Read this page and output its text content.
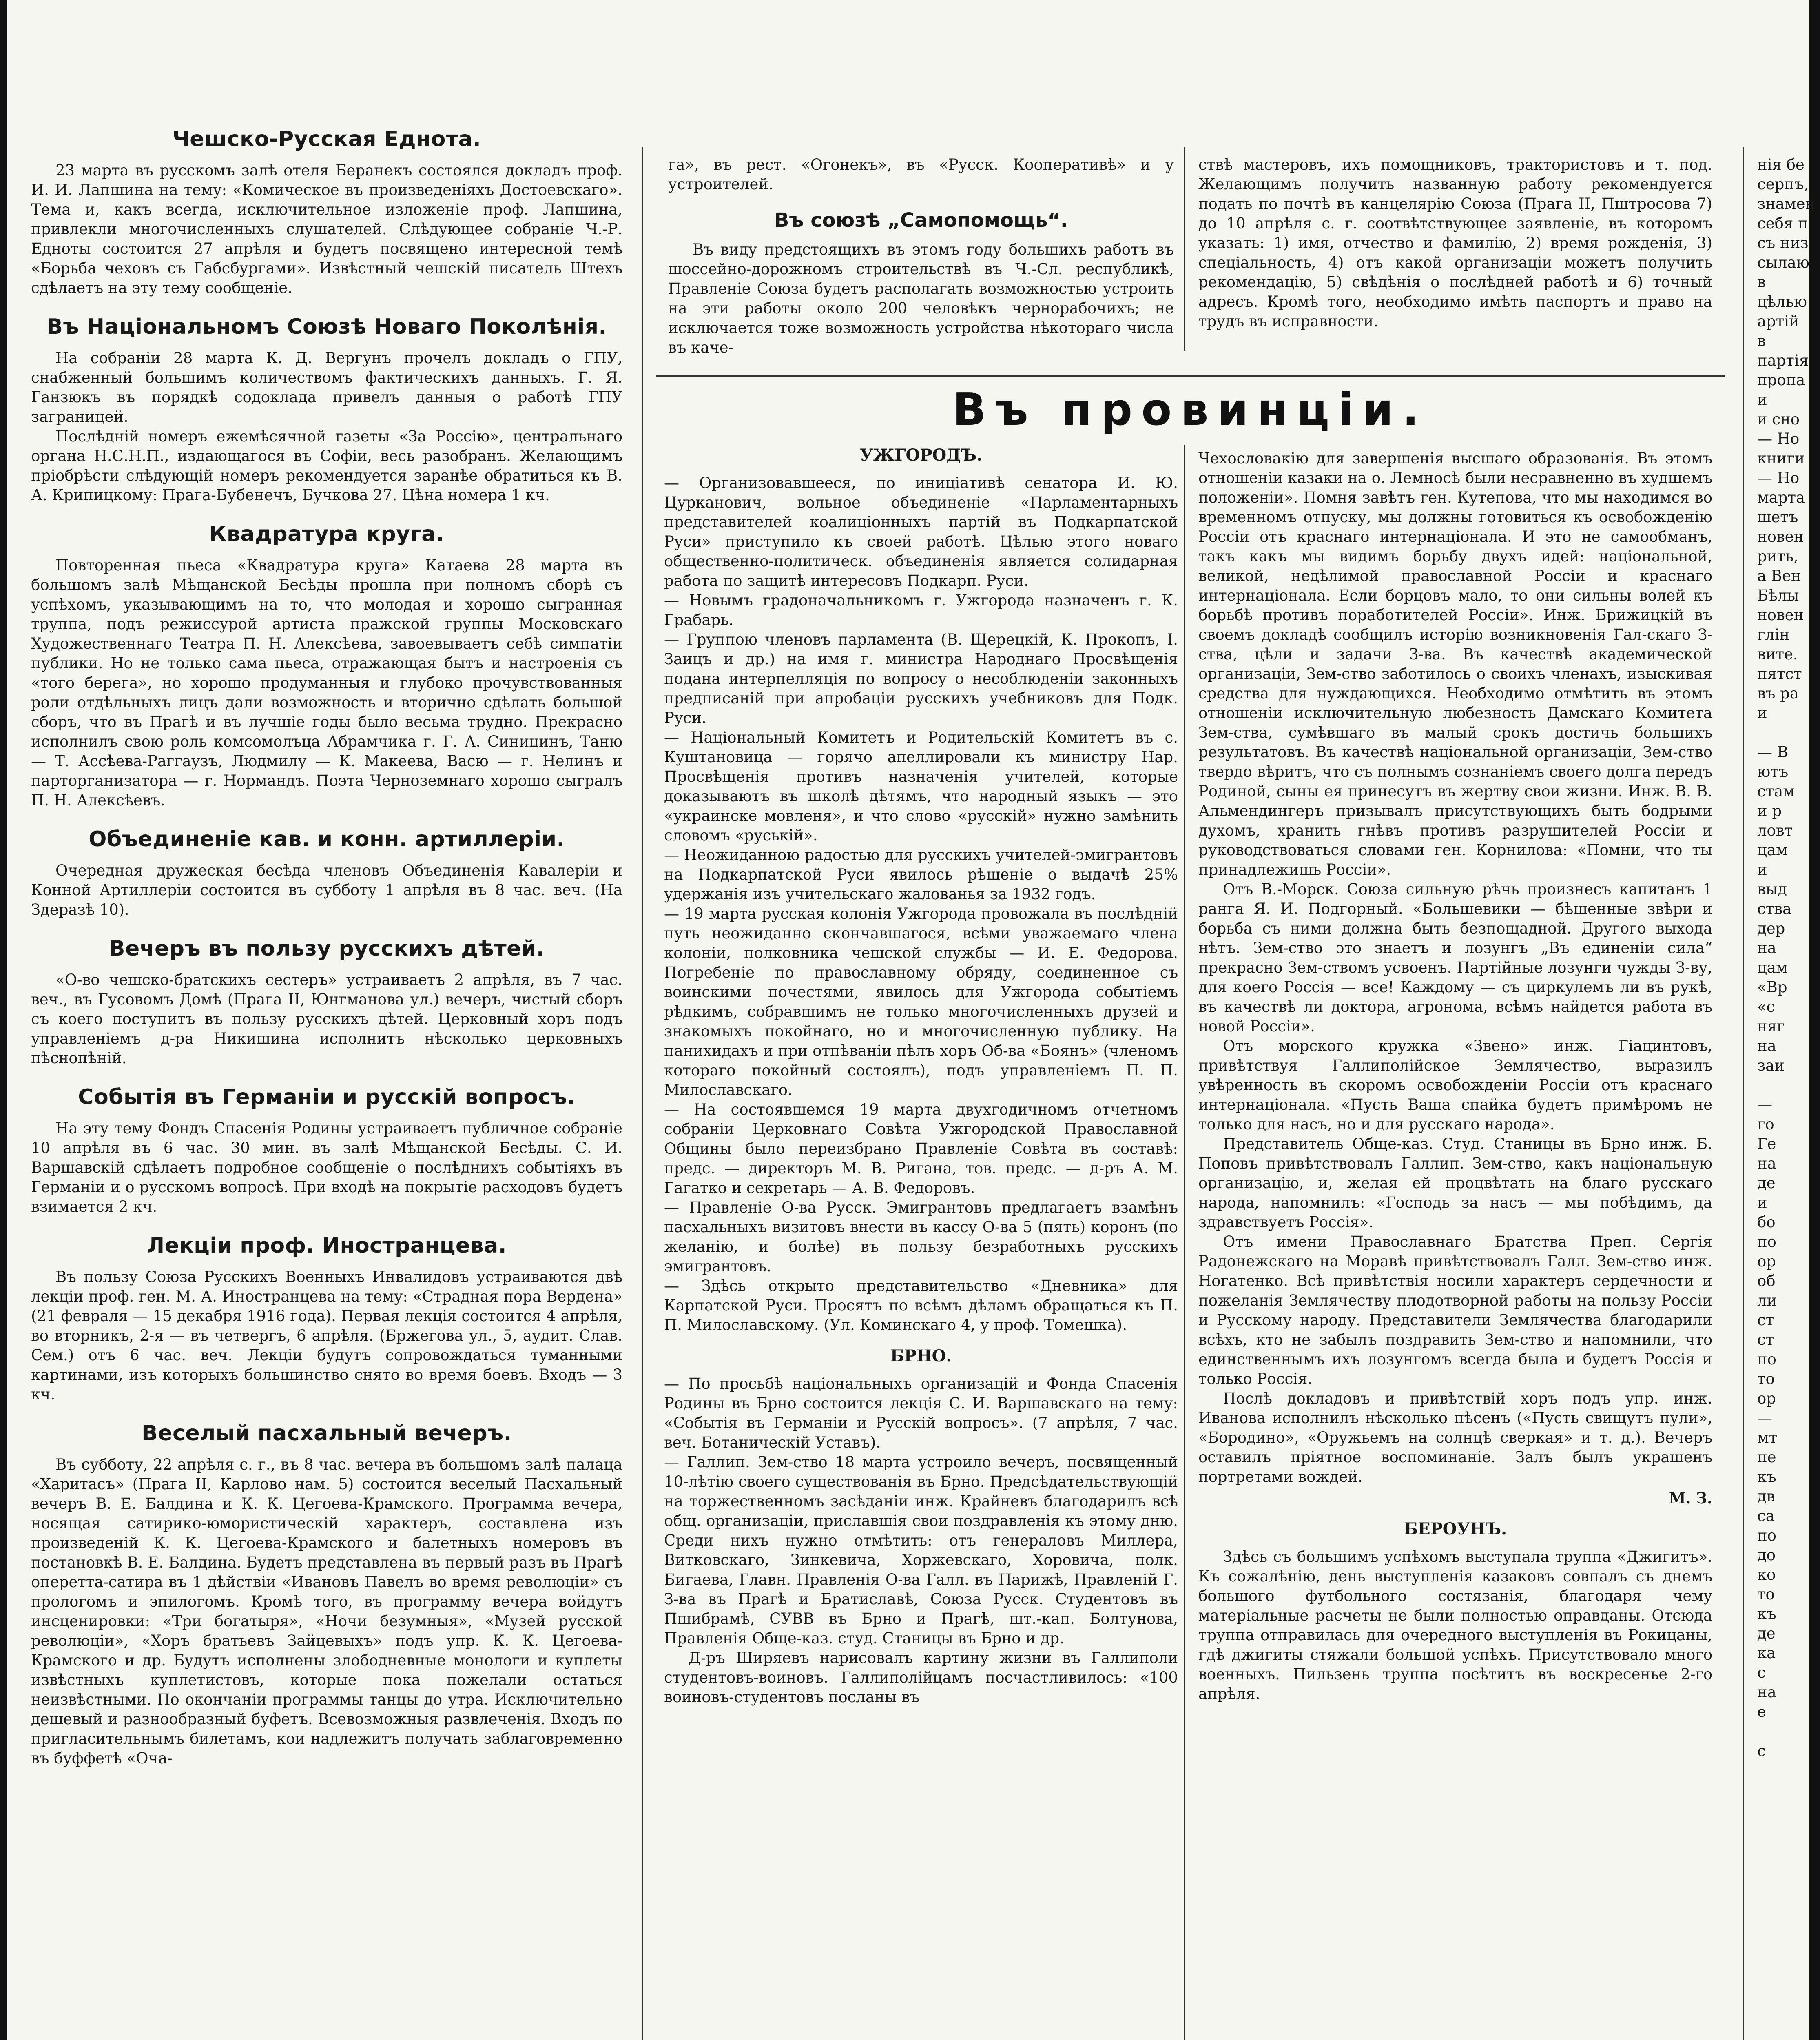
Чешско-Русская Еднота.

23 марта въ русскомъ залѣ отеля Беранекъ состоялся докладъ проф. И. И. Лапшина на тему: «Комическое въ произведеніяхъ Достоевскаго». Тема и, какъ всегда, исключительное изложеніе проф. Лапшина, привлекли многочисленныхъ слушателей. Слѣдующее собраніе Ч.-Р. Едноты состоится 27 апрѣля и будетъ посвящено интересной темѣ «Борьба чеховъ съ Габсбургами». Извѣстный чешскій писатель Штехъ сдѣлаетъ на эту тему сообщеніе.

Въ Національномъ Союзѣ Новаго Поколѣнія.

На собраніи 28 марта К. Д. Вергунъ прочелъ докладъ о ГПУ, снабженный большимъ количествомъ фактическихъ данныхъ. Г. Я. Ганзюкъ въ порядкѣ содоклада привелъ данныя о работѣ ГПУ заграницей.

Послѣдній номеръ ежемѣсячной газеты «За Россію», центральнаго органа Н.С.Н.П., издающагося въ Софіи, весь разобранъ. Желающимъ пріобрѣсти слѣдующій номеръ рекомендуется заранѣе обратиться къ В. А. Крипицкому: Прага-Бубенечъ, Бучкова 27. Цѣна номера 1 кч.

Квадратура круга.

Повторенная пьеса «Квадратура круга» Катаева 28 марта въ большомъ залѣ Мѣщанской Бесѣды прошла при полномъ сборѣ съ успѣхомъ, указывающимъ на то, что молодая и хорошо сыгранная труппа, подъ режиссурой артиста пражской группы Московскаго Художественнаго Театра П. Н. Алексѣева, завоевываетъ себѣ симпатіи публики. Но не только сама пьеса, отражающая бытъ и настроенія съ «того берега», но хорошо продуманныя и глубоко прочувствованныя роли отдѣльныхъ лицъ дали возможность и вторично сдѣлать большой сборъ, что въ Прагѣ и въ лучшіе годы было весьма трудно. Прекрасно исполнилъ свою роль комсомолъца Абрамчика г. Г. А. Синицинъ, Таню — Т. Ассѣева-Раггаузъ, Людмилу — К. Макеева, Васю — г. Нелинъ и парторганизатора — г. Нормандъ. Поэта Черноземнаго хорошо сыгралъ П. Н. Алексѣевъ.

Объединеніе кав. и конн. артиллеріи.

Очередная дружеская бесѣда членовъ Объединенія Кавалеріи и Конной Артиллеріи состоится въ субботу 1 апрѣля въ 8 час. веч. (На Здеразѣ 10).

Вечеръ въ пользу русскихъ дѣтей.

«О-во чешско-братскихъ сестеръ» устраиваетъ 2 апрѣля, въ 7 час. веч., въ Гусовомъ Домѣ (Прага II, Юнгманова ул.) вечеръ, чистый сборъ съ коего поступитъ въ пользу русскихъ дѣтей. Церковный хоръ подъ управленіемъ д-ра Никишина исполнитъ нѣсколько церковныхъ пѣснопѣній.

Событія въ Германіи и русскій вопросъ.

На эту тему Фондъ Спасенія Родины устраиваетъ публичное собраніе 10 апрѣля въ 6 час. 30 мин. въ залѣ Мѣщанской Бесѣды. С. И. Варшавскій сдѣлаетъ подробное сообщеніе о послѣднихъ событіяхъ въ Германіи и о русскомъ вопросѣ. При входѣ на покрытіе расходовъ будетъ взимается 2 кч.

Лекціи проф. Иностранцева.

Въ пользу Союза Русскихъ Военныхъ Инвалидовъ устраиваются двѣ лекціи проф. ген. М. А. Иностранцева на тему: «Страдная пора Вердена» (21 февраля — 15 декабря 1916 года). Первая лекція состоится 4 апрѣля, во вторникъ, 2-я — въ четвергъ, 6 апрѣля. (Бржегова ул., 5, аудит. Слав. Сем.) отъ 6 час. веч. Лекціи будутъ сопровождаться туманными картинами, изъ которыхъ большинство снято во время боевъ. Входъ — 3 кч.

Веселый пасхальный вечеръ.

Въ субботу, 22 апрѣля с. г., въ 8 час. вечера въ большомъ залѣ палаца «Харитасъ» (Прага II, Карлово нам. 5) состоится веселый Пасхальный вечеръ В. Е. Балдина и К. К. Цегоева-Крамского. Программа вечера, носящая сатирико-юмористическій характеръ, составлена изъ произведеній К. К. Цегоева-Крамского и балетныхъ номеровъ въ постановкѣ В. Е. Балдина. Будетъ представлена въ первый разъ въ Прагѣ оперетта-сатира въ 1 дѣйствіи «Ивановъ Павелъ во время революціи» съ прологомъ и эпилогомъ. Кромѣ того, въ программу вечера войдутъ инсценировки: «Три богатыря», «Ночи безумныя», «Музей русской революціи», «Хоръ братьевъ Зайцевыхъ» подъ упр. К. К. Цегоева-Крамского и др. Будутъ исполнены злободневные монологи и куплеты извѣстныхъ куплетистовъ, которые пока пожелали остаться неизвѣстными. По окончаніи программы танцы до утра. Исключительно дешевый и разнообразный буфетъ. Всевозможныя развлеченія. Входъ по пригласительнымъ билетамъ, кои надлежитъ получать заблаговременно въ буффетѣ «Оча-

га», въ рест. «Огонекъ», въ «Русск. Кооперативѣ» и у устроителей.

Въ союзѣ „Самопомощь“.

Въ виду предстоящихъ въ этомъ году большихъ работъ въ шоссейно-дорожномъ строительствѣ въ Ч.-Сл. республикѣ, Правленіе Союза будетъ располагать возможностью устроить на эти работы около 200 человѣкъ чернорабочихъ; не исключается тоже возможность устройства нѣкотораго числа въ каче-

ствѣ мастеровъ, ихъ помощниковъ, трактористовъ и т. под. Желающимъ получить названную работу рекомендуется подать по почтѣ въ канцелярію Союза (Прага II, Пштросова 7) до 10 апрѣля с. г. соотвѣтствующее заявленіе, въ которомъ указать: 1) имя, отчество и фамилію, 2) время рожденія, 3) спеціальность, 4) отъ какой организаціи можетъ получить рекомендацію, 5) свѣдѣнія о послѣдней работѣ и 6) точный адресъ. Кромѣ того, необходимо имѣть паспортъ и право на трудъ въ исправности.

Въ провинціи.
УЖГОРОДЪ.

— Организовавшееся, по иниціативѣ сенатора И. Ю. Цурканович, вольное объединеніе «Парламентарныхъ представителей коалиціонныхъ партій въ Подкарпатской Руси» приступило къ своей работѣ. Цѣлью этого новаго общественно-политическ. объединенія является солидарная работа по защитѣ интересовъ Подкарп. Руси.

— Новымъ градоначальникомъ г. Ужгорода назначенъ г. К. Грабарь.

— Группою членовъ парламента (В. Щерецкій, К. Прокопъ, I. Заицъ и др.) на имя г. министра Народнаго Просвѣщенія подана интерпелляція по вопросу о несоблюденіи законныхъ предписаній при апробаціи русскихъ учебниковъ для Подк. Руси.

— Національный Комитетъ и Родительскій Комитетъ въ с. Куштановица — горячо апеллировали къ министру Нар. Просвѣщенія противъ назначенія учителей, которые доказываютъ въ школѣ дѣтямъ, что народный языкъ — это «украинске мовленя», и что слово «русскій» нужно замѣнить словомъ «руській».

— Неожиданною радостью для русскихъ учителей-эмигрантовъ на Подкарпатской Руси явилось рѣшеніе о выдачѣ 25% удержанія изъ учительскаго жалованья за 1932 годъ.

— 19 марта русская колонія Ужгорода провожала въ послѣдній путь неожиданно скончавшагося, всѣми уважаемаго члена колоніи, полковника чешской службы — И. Е. Федорова. Погребеніе по православному обряду, соединенное съ воинскими почестями, явилось для Ужгорода событіемъ рѣдкимъ, собравшимъ не только многочисленныхъ друзей и знакомыхъ покойнаго, но и многочисленную публику. На панихидахъ и при отпѣваніи пѣлъ хоръ Об-ва «Боянъ» (членомъ котораго покойный состоялъ), подъ управленіемъ П. П. Милославскаго.

— На состоявшемся 19 марта двухгодичномъ отчетномъ собраніи Церковнаго Совѣта Ужгородской Православной Общины было переизбрано Правленіе Совѣта въ составѣ: предс. — директоръ М. В. Ригана, тов. предс. — д-ръ А. М. Гагатко и секретарь — А. В. Федоровъ.

— Правленіе О-ва Русск. Эмигрантовъ предлагаетъ взамѣнъ пасхальныхъ визитовъ внести въ кассу О-ва 5 (пять) коронъ (по желанію, и болѣе) въ пользу безработныхъ русскихъ эмигрантовъ.

— Здѣсь открыто представительство «Дневника» для Карпатской Руси. Просятъ по всѣмъ дѣламъ обращаться къ П. П. Милославскому. (Ул. Коминскаго 4, у проф. Томешка).

БРНО.

— По просьбѣ національныхъ организацій и Фонда Спасенія Родины въ Брно состоится лекція С. И. Варшавскаго на тему: «Событія въ Германіи и Русскій вопросъ». (7 апрѣля, 7 час. веч. Ботаническій Уставъ).

— Галлип. Зем-ство 18 марта устроило вечеръ, посвященный 10-лѣтію своего существованія въ Брно. Предсѣдательствующій на торжественномъ засѣданіи инж. Крайневъ благодарилъ всѣ общ. организаціи, приславшія свои поздравленія къ этому дню. Среди нихъ нужно отмѣтить: отъ генераловъ Миллера, Витковскаго, Зинкевича, Хоржевскаго, Хоровича, полк. Бигаева, Главн. Правленія О-ва Галл. въ Парижѣ, Правленій Г. З-ва въ Прагѣ и Братиславѣ, Союза Русск. Студентовъ въ Пшибрамѣ, СУВВ въ Брно и Прагѣ, шт.-кап. Болтунова, Правленія Обще-каз. студ. Станицы въ Брно и др.

Д-ръ Ширяевъ нарисовалъ картину жизни въ Галлиполи студентовъ-воиновъ. Галлиполійцамъ посчастливилось: «100 воиновъ-студентовъ посланы въ

Чехословакію для завершенія высшаго образованія. Въ этомъ отношеніи казаки на о. Лемносѣ были несравненно въ худшемъ положеніи». Помня завѣтъ ген. Кутепова, что мы находимся во временномъ отпуску, мы должны готовиться къ освобожденію Россіи отъ краснаго интернаціонала. И это не самообманъ, такъ какъ мы видимъ борьбу двухъ идей: національной, великой, недѣлимой православной Россіи и краснаго интернаціонала. Если борцовъ мало, то они сильны волей къ борьбѣ противъ поработителей Россіи». Инж. Брижицкій въ своемъ докладѣ сообщилъ исторію возникновенія Гал-скаго З-ства, цѣли и задачи З-ва. Въ качествѣ академической организаціи, Зем-ство заботилось о своихъ членахъ, изыскивая средства для нуждающихся. Необходимо отмѣтить въ этомъ отношеніи исключительную любезность Дамскаго Комитета Зем-ства, сумѣвшаго въ малый срокъ достичь большихъ результатовъ. Въ качествѣ національной организаціи, Зем-ство твердо вѣритъ, что съ полнымъ сознаніемъ своего долга передъ Родиной, сыны ея принесутъ въ жертву свои жизни. Инж. В. В. Альмендингеръ призывалъ присутствующихъ быть бодрыми духомъ, хранить гнѣвъ противъ разрушителей Россіи и руководствоваться словами ген. Корнилова: «Помни, что ты принадлежишь Россіи».

Отъ В.-Морск. Союза сильную рѣчь произнесъ капитанъ 1 ранга Я. И. Подгорный. «Большевики — бѣшенные звѣри и борьба съ ними должна быть безпощадной. Другого выхода нѣтъ. Зем-ство это знаетъ и лозунгъ „Въ единеніи сила“ прекрасно Зем-ствомъ усвоенъ. Партійные лозунги чужды З-ву, для коего Россія — все! Каждому — съ циркулемъ ли въ рукѣ, въ качествѣ ли доктора, агронома, всѣмъ найдется работа въ новой Россіи».

Отъ морского кружка «Звено» инж. Гіацинтовъ, привѣтствуя Галлиполійское Землячество, выразилъ увѣренность въ скоромъ освобожденіи Россіи отъ краснаго интернаціонала. «Пусть Ваша спайка будетъ примѣромъ не только для насъ, но и для русскаго народа».

Представитель Обще-каз. Студ. Станицы въ Брно инж. Б. Поповъ привѣтствовалъ Галлип. Зем-ство, какъ національную организацію, и, желая ей процвѣтать на благо русскаго народа, напомнилъ: «Господь за насъ — мы побѣдимъ, да здравствуетъ Россія».

Отъ имени Православнаго Братства Преп. Сергія Радонежскаго на Моравѣ привѣтствовалъ Галл. Зем-ство инж. Ногатенко. Всѣ привѣтствія носили характеръ сердечности и пожеланія Землячеству плодотворной работы на пользу Россіи и Русскому народу. Представители Землячества благодарили всѣхъ, кто не забылъ поздравить Зем-ство и напомнили, что единственнымъ ихъ лозунгомъ всегда была и будетъ Россія и только Россія.

Послѣ докладовъ и привѣтствій хоръ подъ упр. инж. Иванова исполнилъ нѣсколько пѣсенъ («Пусть свищутъ пули», «Бородино», «Оружьемъ на солнцѣ сверкая» и т. д.). Вечеръ оставилъ пріятное воспоминаніе. Залъ былъ украшенъ портретами вождей.

М. З.

БЕРОУНЪ.

Здѣсь съ большимъ успѣхомъ выступала труппа «Джигитъ». Къ сожалѣнію, день выступленія казаковъ совпалъ съ днемъ большого футбольного состязанія, благодаря чему матеріальные расчеты не были полностью оправданы. Отсюда труппа отправилась для очередного выступленія въ Рокицаны, гдѣ джигиты стяжали большой успѣхъ. Присутствовало много военныхъ. Пильзень труппа посѣтитъ въ воскресенье 2-го апрѣля.

нія бе
серпъ,
знамен
себя п
съ низ
сылаю
в
цѣлью
артій
в
партія
пропа
и
и сно
— Но
книги
— Но
марта
шетъ
новен
рить,
а Вен
Бѣлы
новен
глін
вите.
пятст
въ ра
и

— В
ютъ
стам
и р
ловт
цам
и
выд
ства
дер
на
цам
«Вр
«с
няг
на
заи

—
го
Ге
на
де
и
бо
по
ор
об
ли
ст
ст
по
то
ор
—
мт
пе
къ
дв
са
по
до
ко
то
къ
де
ка
с
на
е

с
